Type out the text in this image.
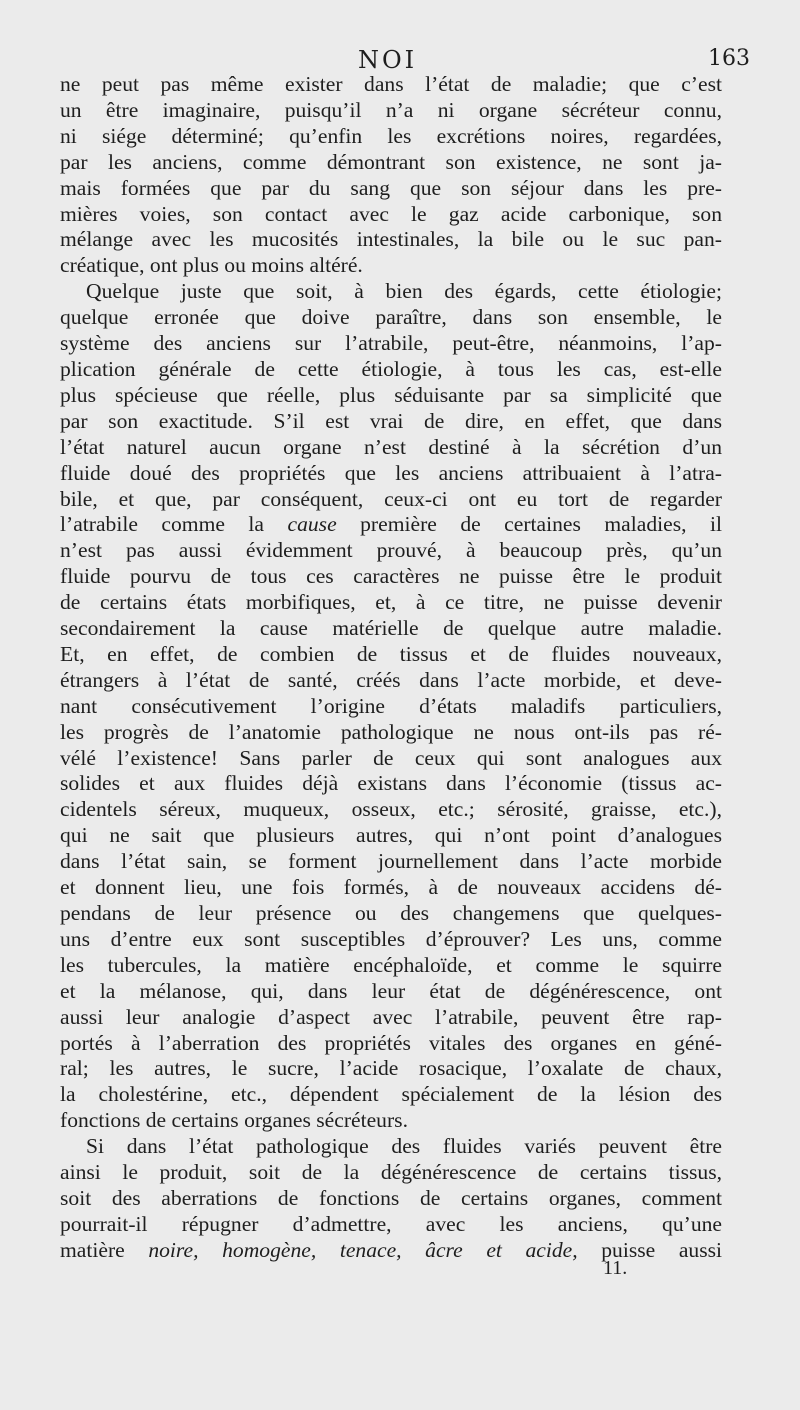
NOI	163

ne peut pas même exister dans l’état de maladie; que c’est
un être imaginaire, puisqu’il n’a ni organe sécréteur connu,
ni siége déterminé; qu’enfin les excrétions noires, regardées,
par les anciens, comme démontrant son existence, ne sont ja-
mais formées que par du sang que son séjour dans les pre-
mières voies, son contact avec le gaz acide carbonique, son
mélange avec les mucosités intestinales, la bile ou le suc pan-
créatique, ont plus ou moins altéré.

Quelque juste que soit, à bien des égards, cette étiologie;
quelque erronée que doive paraître, dans son ensemble, le
système des anciens sur l’atrabile, peut-être, néanmoins, l’ap-
plication générale de cette étiologie, à tous les cas, est-elle
plus spécieuse que réelle, plus séduisante par sa simplicité que
par son exactitude. S’il est vrai de dire, en effet, que dans
l’état naturel aucun organe n’est destiné à la sécrétion d’un
fluide doué des propriétés que les anciens attribuaient à l’atra-
bile, et que, par conséquent, ceux-ci ont eu tort de regarder
l’atrabile comme la cause première de certaines maladies, il
n’est pas aussi évidemment prouvé, à beaucoup près, qu’un
fluide pourvu de tous ces caractères ne puisse être le produit
de certains états morbifiques, et, à ce titre, ne puisse devenir
secondairement la cause matérielle de quelque autre maladie.
Et, en effet, de combien de tissus et de fluides nouveaux,
étrangers à l’état de santé, créés dans l’acte morbide, et deve-
nant consécutivement l’origine d’états maladifs particuliers,
les progrès de l’anatomie pathologique ne nous ont-ils pas ré-
vélé l’existence! Sans parler de ceux qui sont analogues aux
solides et aux fluides déjà existans dans l’économie (tissus ac-
cidentels séreux, muqueux, osseux, etc.; sérosité, graisse, etc.),
qui ne sait que plusieurs autres, qui n’ont point d’analogues
dans l’état sain, se forment journellement dans l’acte morbide
et donnent lieu, une fois formés, à de nouveaux accidens dé-
pendans de leur présence ou des changemens que quelques-
uns d’entre eux sont susceptibles d’éprouver? Les uns, comme
les tubercules, la matière encéphaloïde, et comme le squirre
et la mélanose, qui, dans leur état de dégénérescence, ont
aussi leur analogie d’aspect avec l’atrabile, peuvent être rap-
portés à l’aberration des propriétés vitales des organes en géné-
ral; les autres, le sucre, l’acide rosacique, l’oxalate de chaux,
la cholestérine, etc., dépendent spécialement de la lésion des
fonctions de certains organes sécréteurs.

Si dans l’état pathologique des fluides variés peuvent être
ainsi le produit, soit de la dégénérescence de certains tissus,
soit des aberrations de fonctions de certains organes, comment
pourrait-il répugner d’admettre, avec les anciens, qu’une
matière noire, homogène, tenace, âcre et acide, puisse aussi

11.
